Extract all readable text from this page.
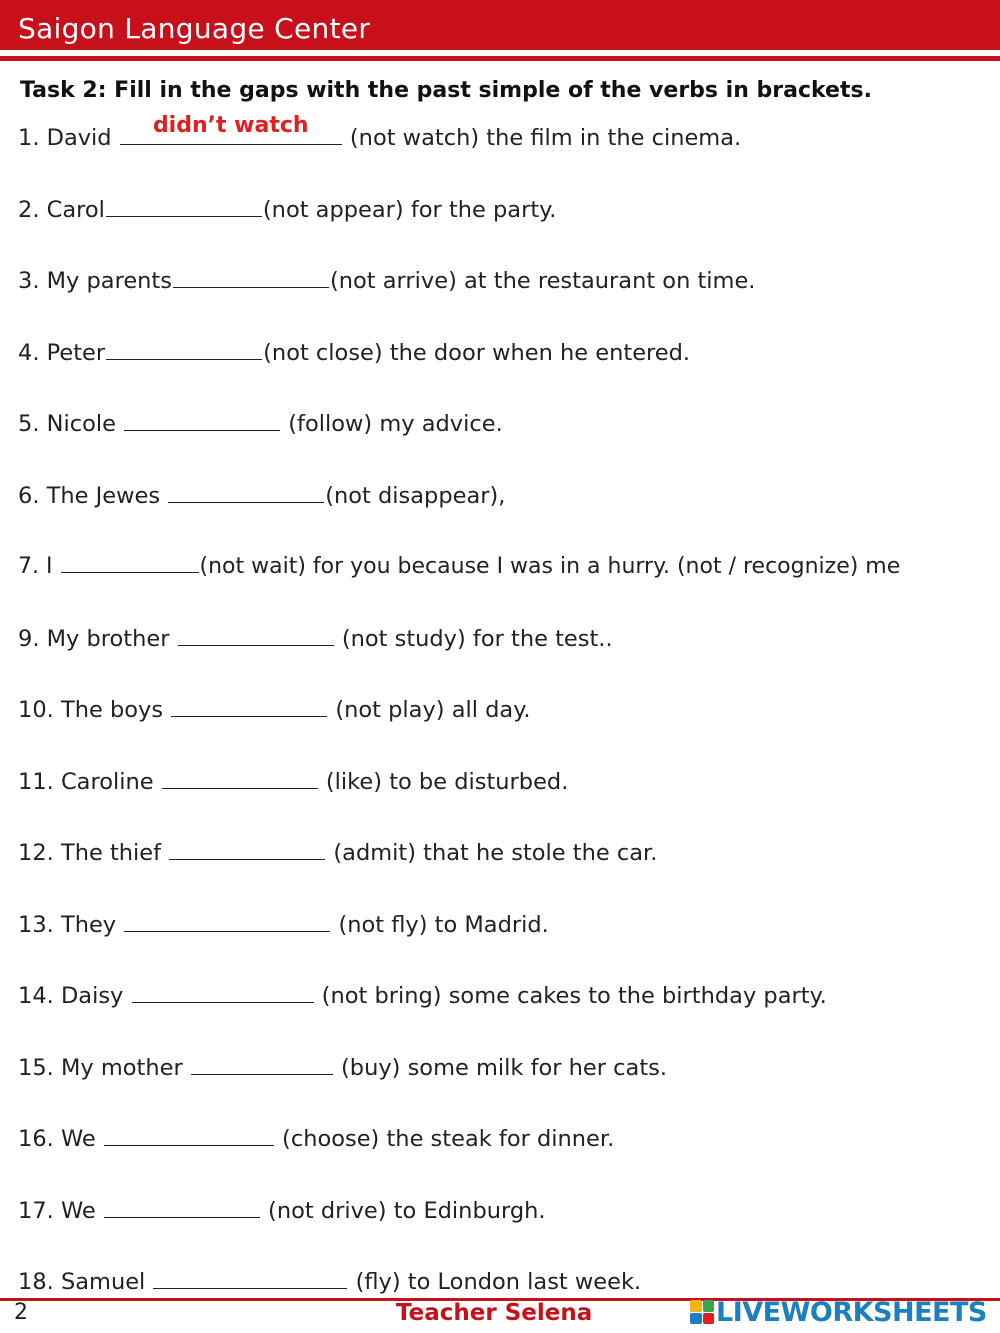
Saigon Language Center
Task 2: Fill in the gaps with the past simple of the verbs in brackets.
1. David	didn’t watch	(not watch) the film in the cinema.
2. Carol	(not appear) for the party.
3. My parents	(not arrive) at the restaurant on time.
4. Peter	(not close) the door when he entered.
5. Nicole	(follow) my advice.
6. The Jewes	(not disappear),
7. I	(not wait) for you because I was in a hurry. (not / recognize) me
9. My brother	(not study) for the test..
10. The boys	(not play) all day.
11. Caroline	(like) to be disturbed.
12. The thief	(admit) that he stole the car.
13. They	(not fly) to Madrid.
14. Daisy	(not bring) some cakes to the birthday party.
15. My mother	(buy) some milk for her cats.
16. We	(choose) the steak for dinner.
17. We	(not drive) to Edinburgh.
18. Samuel	(fly) to London last week.
2	Teacher Selena	LIVEWORKSHEETS
